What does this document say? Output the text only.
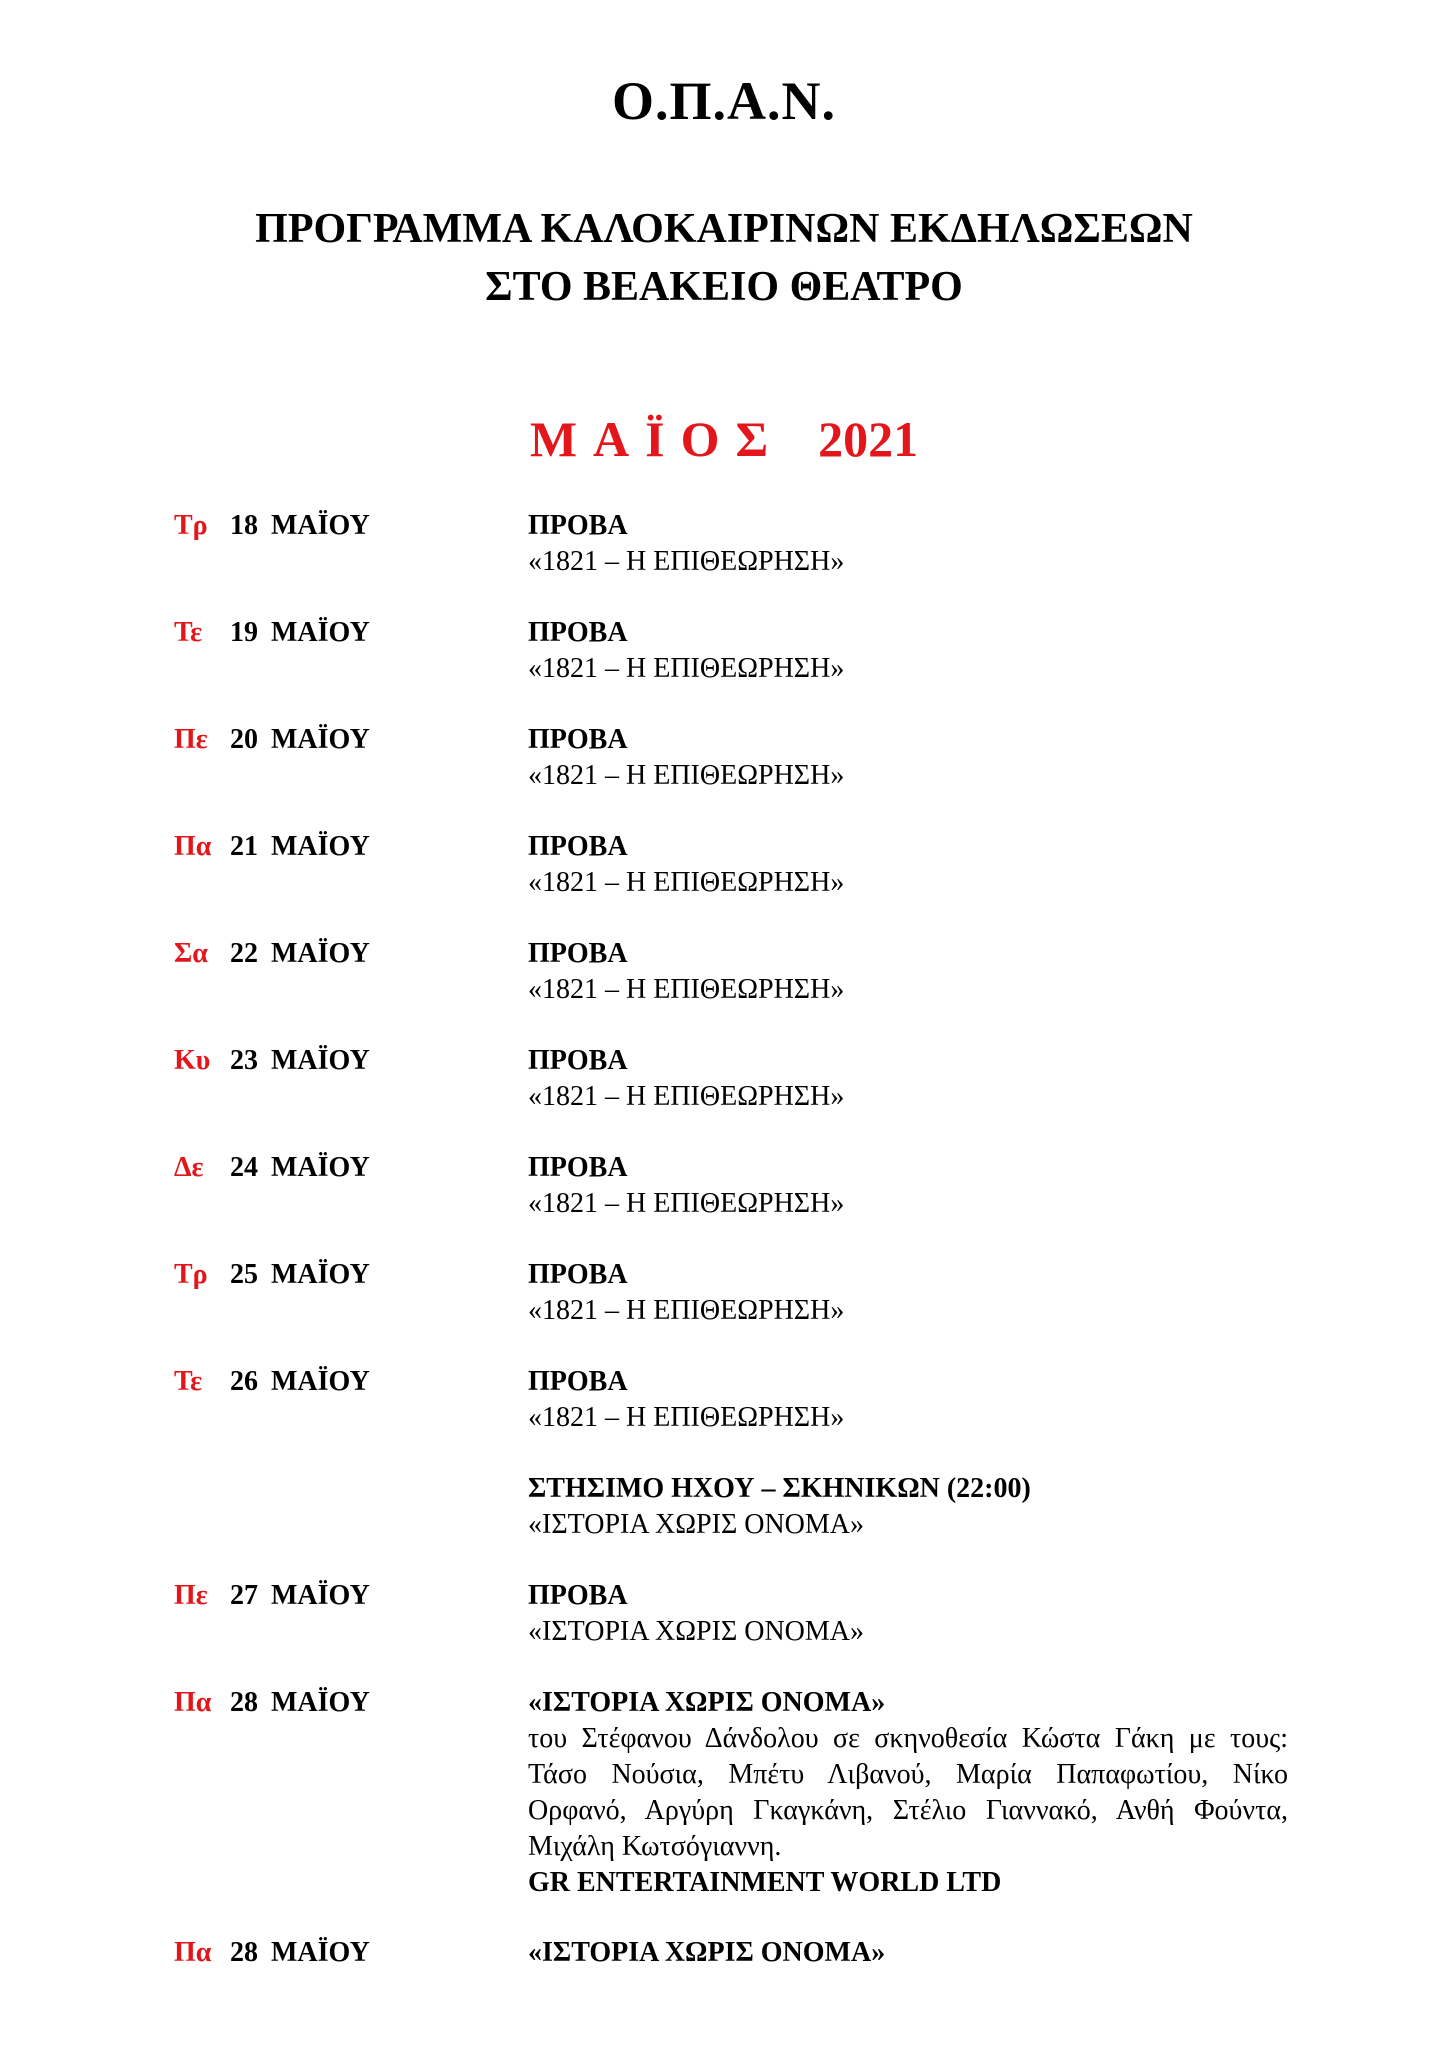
Ο.Π.Α.Ν.
ΠΡΟΓΡΑΜΜΑ ΚΑΛΟΚΑΙΡΙΝΩΝ ΕΚΔΗΛΩΣΕΩΝ
ΣΤΟ ΒΕΑΚΕΙΟ ΘΕΑΤΡΟ
ΜΑΪΟΣ 2021
Τρ 18 ΜΑΪΟΥ	ΠΡΟΒΑ
«1821 – Η ΕΠΙΘΕΩΡΗΣΗ»
Τε 19 ΜΑΪΟΥ	ΠΡΟΒΑ
«1821 – Η ΕΠΙΘΕΩΡΗΣΗ»
Πε 20 ΜΑΪΟΥ	ΠΡΟΒΑ
«1821 – Η ΕΠΙΘΕΩΡΗΣΗ»
Πα 21 ΜΑΪΟΥ	ΠΡΟΒΑ
«1821 – Η ΕΠΙΘΕΩΡΗΣΗ»
Σα 22 ΜΑΪΟΥ	ΠΡΟΒΑ
«1821 – Η ΕΠΙΘΕΩΡΗΣΗ»
Κυ 23 ΜΑΪΟΥ	ΠΡΟΒΑ
«1821 – Η ΕΠΙΘΕΩΡΗΣΗ»
Δε 24 ΜΑΪΟΥ	ΠΡΟΒΑ
«1821 – Η ΕΠΙΘΕΩΡΗΣΗ»
Τρ 25 ΜΑΪΟΥ	ΠΡΟΒΑ
«1821 – Η ΕΠΙΘΕΩΡΗΣΗ»
Τε 26 ΜΑΪΟΥ	ΠΡΟΒΑ
«1821 – Η ΕΠΙΘΕΩΡΗΣΗ»
ΣΤΗΣΙΜΟ ΗΧΟΥ – ΣΚΗΝΙΚΩΝ (22:00)
«ΙΣΤΟΡΙΑ ΧΩΡΙΣ ΟΝΟΜΑ»
Πε 27 ΜΑΪΟΥ	ΠΡΟΒΑ
«ΙΣΤΟΡΙΑ ΧΩΡΙΣ ΟΝΟΜΑ»
Πα 28 ΜΑΪΟΥ	«ΙΣΤΟΡΙΑ ΧΩΡΙΣ ΟΝΟΜΑ»
του Στέφανου Δάνδολου σε σκηνοθεσία Κώστα Γάκη με τους: Τάσο Νούσια, Μπέτυ Λιβανού, Μαρία Παπαφωτίου, Νίκο Ορφανό, Αργύρη Γκαγκάνη, Στέλιο Γιαννακό, Ανθή Φούντα, Μιχάλη Κωτσόγιαννη.
GR ENTERTAINMENT WORLD LTD
Πα 28 ΜΑΪΟΥ	«ΙΣΤΟΡΙΑ ΧΩΡΙΣ ΟΝΟΜΑ»
